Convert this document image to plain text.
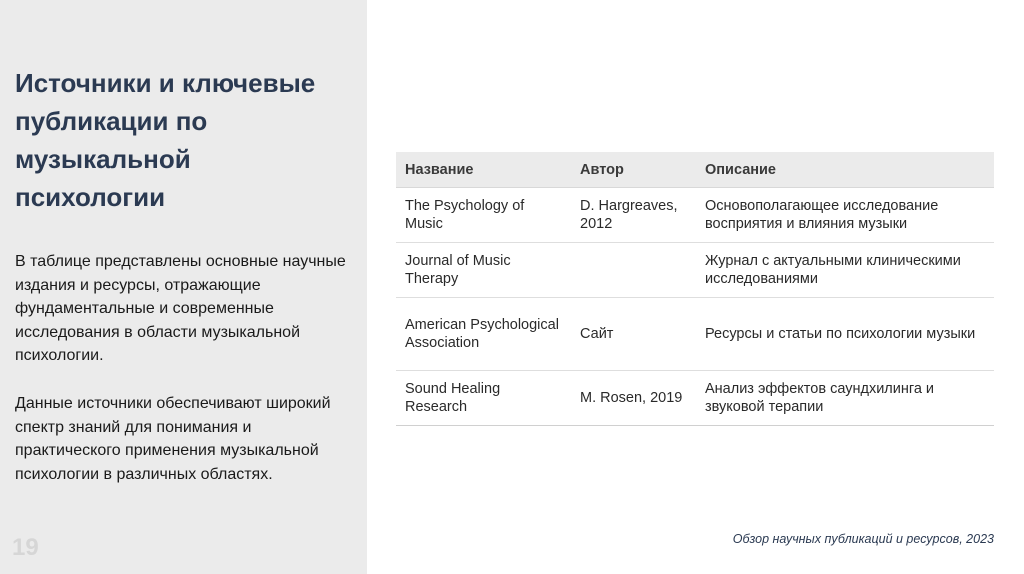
Источники и ключевые публикации по музыкальной психологии

В таблице представлены основные научные издания и ресурсы, отражающие фундаментальные и современные исследования в области музыкальной психологии.

Данные источники обеспечивают широкий спектр знаний для понимания и практического применения музыкальной психологии в различных областях.

19
Название	Автор	Описание
The Psychology of Music	D. Hargreaves, 2012	Основополагающее исследование восприятия и влияния музыки
Journal of Music Therapy		Журнал с актуальными клиническими исследованиями
American Psychological Association	Сайт	Ресурсы и статьи по психологии музыки
Sound Healing Research	M. Rosen, 2019	Анализ эффектов саундхилинга и звуковой терапии
Обзор научных публикаций и ресурсов, 2023
